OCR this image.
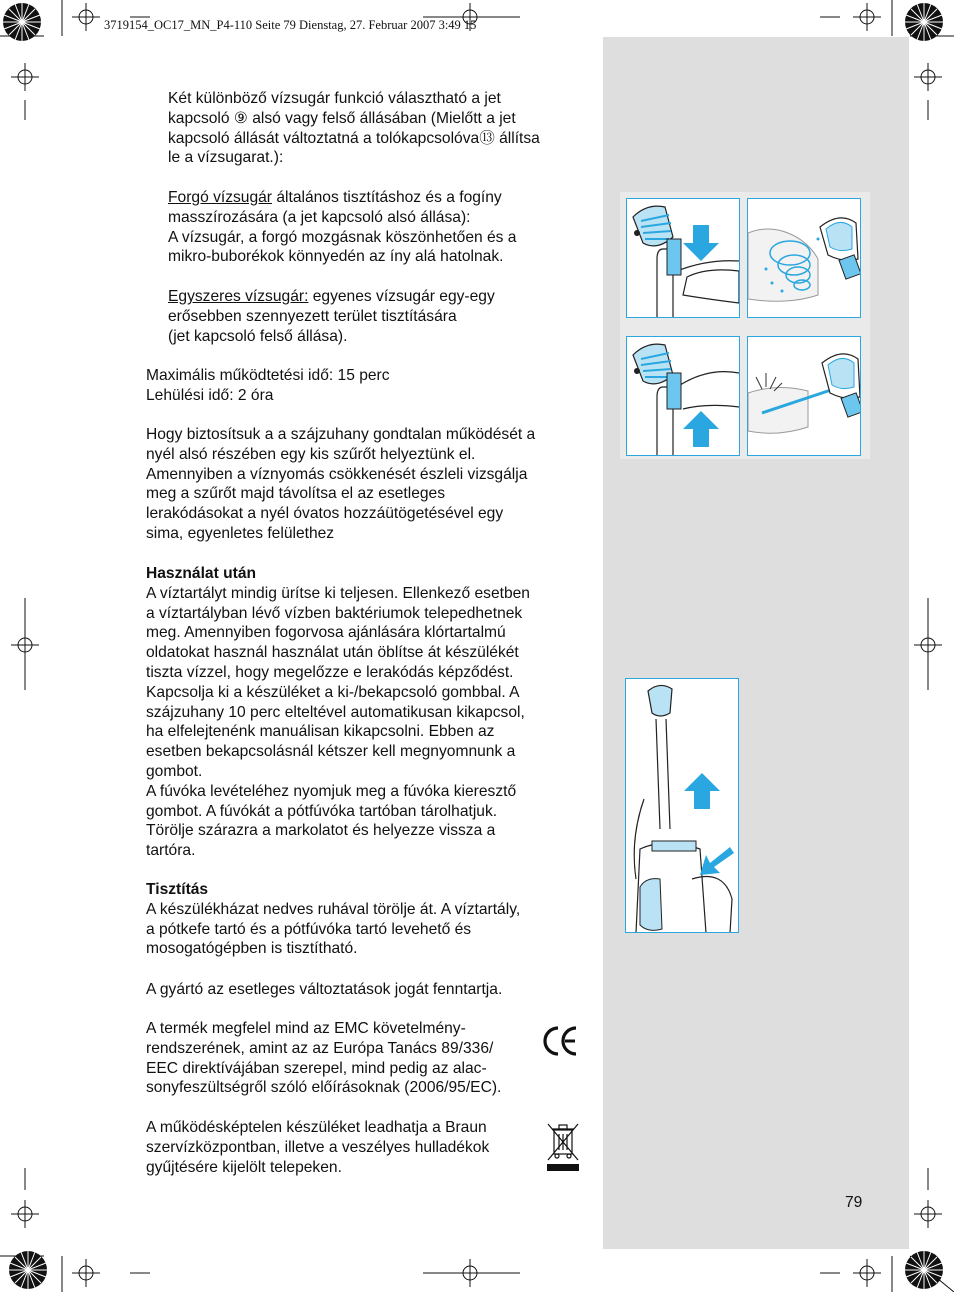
3719154_OC17_MN_P4-110 Seite 79 Dienstag, 27. Februar 2007 3:49 15

Két különböző vízsugár funkció választható a jet

kapcsoló ⑨ alsó vagy felső állásában (Mielőtt a jet

kapcsoló állását változtatná a tolókapcsolóva⑬ állítsa

le a vízsugarat.):

Forgó vízsugár általános tisztításhoz és a fogíny

masszírozására (a jet kapcsoló alsó állása):

A vízsugár, a forgó mozgásnak köszönhetően és a

mikro-buborékok könnyedén az íny alá hatolnak.

Egyszeres vízsugár: egyenes vízsugár egy-egy

erősebben szennyezett terület tisztítására

(jet kapcsoló felső állása).

Maximális működtetési idő: 15 perc

Lehülési idő: 2 óra

Hogy biztosítsuk a a szájzuhany gondtalan működését a

nyél alsó részében egy kis szűrőt helyeztünk el.

Amennyiben a víznyomás csökkenését észleli vizsgálja

meg a szűrőt majd távolítsa el az esetleges

lerakódásokat a nyél óvatos hozzáütögetésével egy

sima, egyenletes felülethez

Használat után

A víztartályt mindig ürítse ki teljesen. Ellenkező esetben

a víztartályban lévő vízben baktériumok telepedhetnek

meg. Amennyiben fogorvosa ajánlására klórtartalmú

oldatokat használ használat után öblítse át készülékét

tiszta vízzel, hogy megelőzze e lerakódás képződést.

Kapcsolja ki a készüléket a ki-/bekapcsoló gombbal. A

szájzuhany 10 perc elteltével automatikusan kikapcsol,

ha elfelejtenénk manuálisan kikapcsolni. Ebben az

esetben bekapcsolásnál kétszer kell megnyomnunk a

gombot.

A fúvóka levételéhez nyomjuk meg a fúvóka kieresztő

gombot. A fúvókát a pótfúvóka tartóban tárolhatjuk.

Törölje szárazra a markolatot és helyezze vissza a

tartóra.

Tisztítás

A készülékházat nedves ruhával törölje át. A víztartály,

a pótkefe tartó és a pótfúvóka tartó levehető és

mosogatógépben is tisztítható.

A gyártó az esetleges változtatások jogát fenntartja.

A termék megfelel mind az EMC követelmény-

rendszerének, amint az az Európa Tanács 89/336/

EEC direktívájában szerepel, mind pedig az alac-

sonyfeszültségről szóló előírásoknak (2006/95/EC).

A működésképtelen készüléket leadhatja a Braun

szervízközpontban, illetve a veszélyes hulladékok

gyűjtésére kijelölt telepeken.

79
